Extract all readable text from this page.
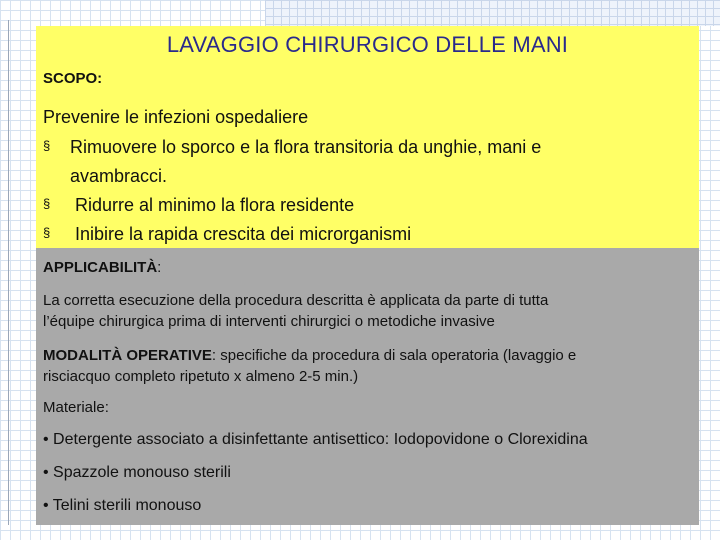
LAVAGGIO CHIRURGICO DELLE MANI
SCOPO:
Prevenire le infezioni ospedaliere
§ Rimuovere lo sporco e la flora transitoria da unghie, mani e
avambracci.
§ Ridurre al minimo la flora residente
§ Inibire la rapida crescita dei microrganismi
APPLICABILITÀ:
La corretta esecuzione della procedura descritta è applicata da parte di tutta
l’équipe chirurgica prima di interventi chirurgici o metodiche invasive
MODALITÀ OPERATIVE: specifiche da procedura di sala operatoria (lavaggio e
risciacquo completo ripetuto x almeno 2-5 min.)
Materiale:
• Detergente associato a disinfettante antisettico: Iodopovidone o Clorexidina
• Spazzole monouso sterili
• Telini sterili monouso
